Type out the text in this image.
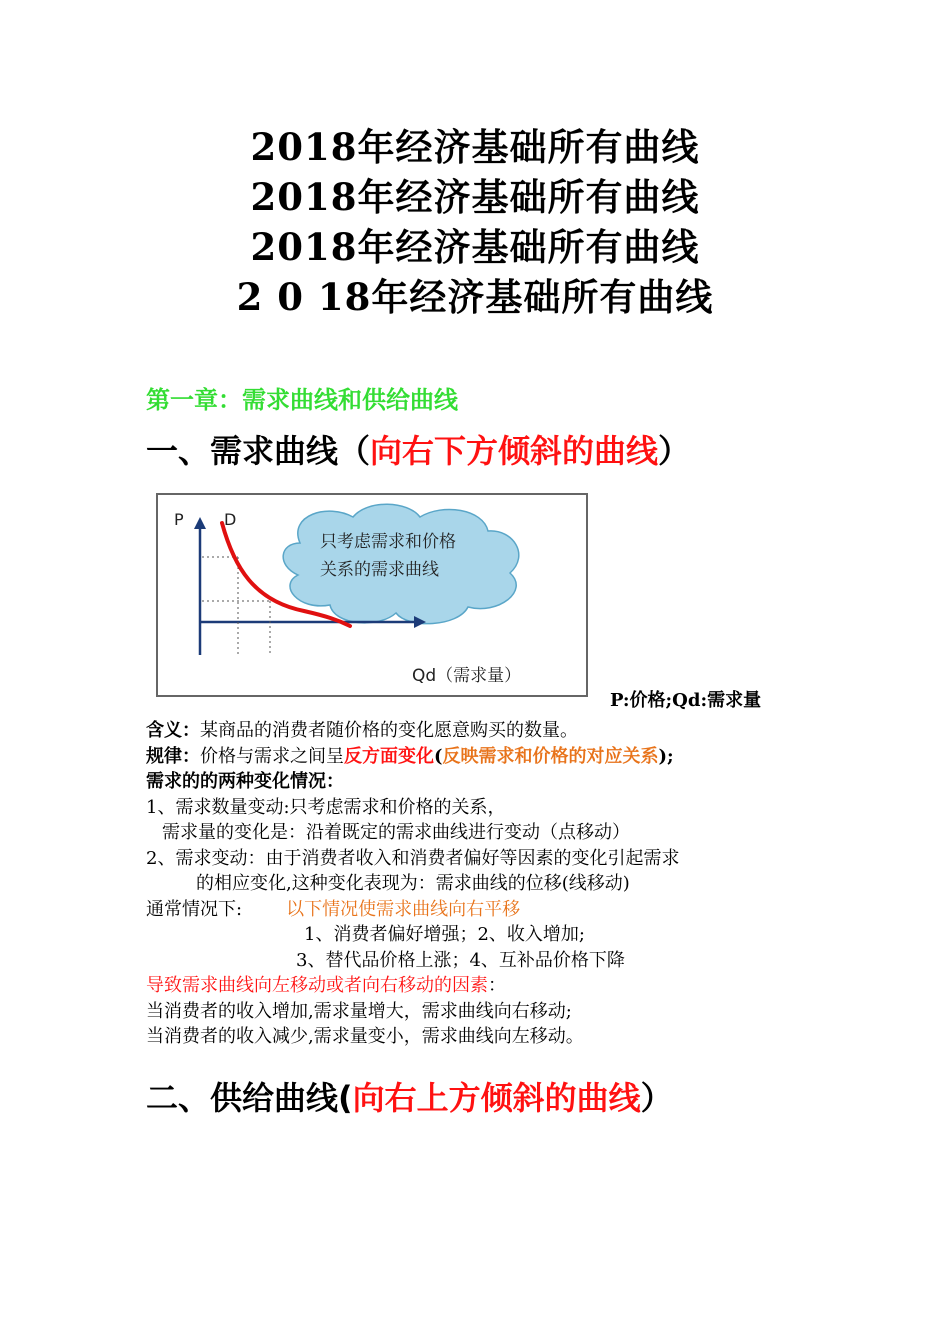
2018年经济基础所有曲线
2018年经济基础所有曲线
2018年经济基础所有曲线
2 0 18年经济基础所有曲线
第一章：需求曲线和供给曲线
一、需求曲线（向右下方倾斜的曲线）
只考虑需求和价格
关系的需求曲线
P	D
Qd（需求量）
P:价格;Qd:需求量
含义：某商品的消费者随价格的变化愿意购买的数量。
规律：价格与需求之间呈反方面变化(反映需求和价格的对应关系);
需求的的两种变化情况：
1、需求数量变动:只考虑需求和价格的关系，
需求量的变化是：沿着既定的需求曲线进行变动（点移动）
2、需求变动：由于消费者收入和消费者偏好等因素的变化引起需求
的相应变化,这种变化表现为：需求曲线的位移(线移动)
通常情况下: 以下情况使需求曲线向右平移
1、消费者偏好增强；2、收入增加;
3、替代品价格上涨；4、互补品价格下降
导致需求曲线向左移动或者向右移动的因素：
当消费者的收入增加,需求量增大，需求曲线向右移动;
当消费者的收入减少,需求量变小，需求曲线向左移动。
二、供给曲线(向右上方倾斜的曲线）
